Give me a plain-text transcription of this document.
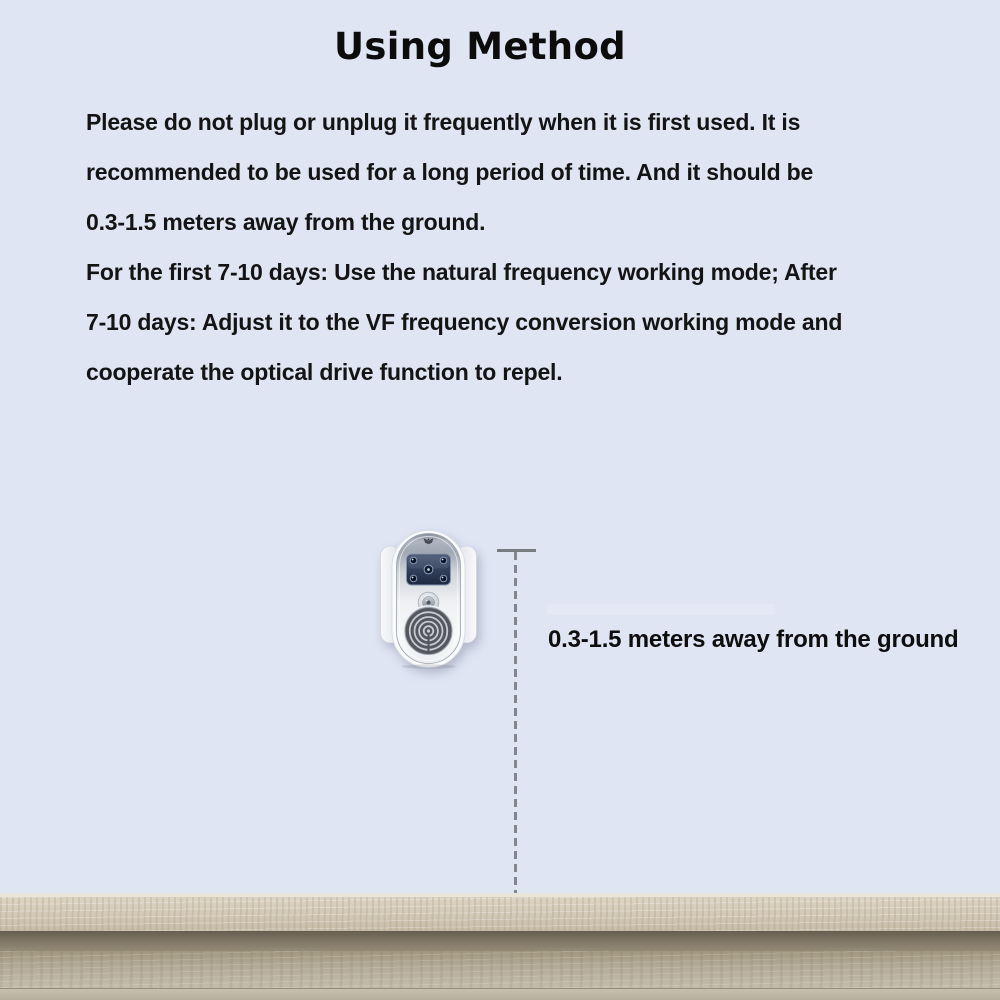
Using Method
Please do not plug or unplug it frequently when it is first used. It is
recommended to be used for a long period of time. And it should be
0.3-1.5 meters away from the ground.
For the first 7-10 days: Use the natural frequency working mode; After
7-10 days: Adjust it to the VF frequency conversion working mode and
cooperate the optical drive function to repel.
0.3-1.5 meters away from the ground
